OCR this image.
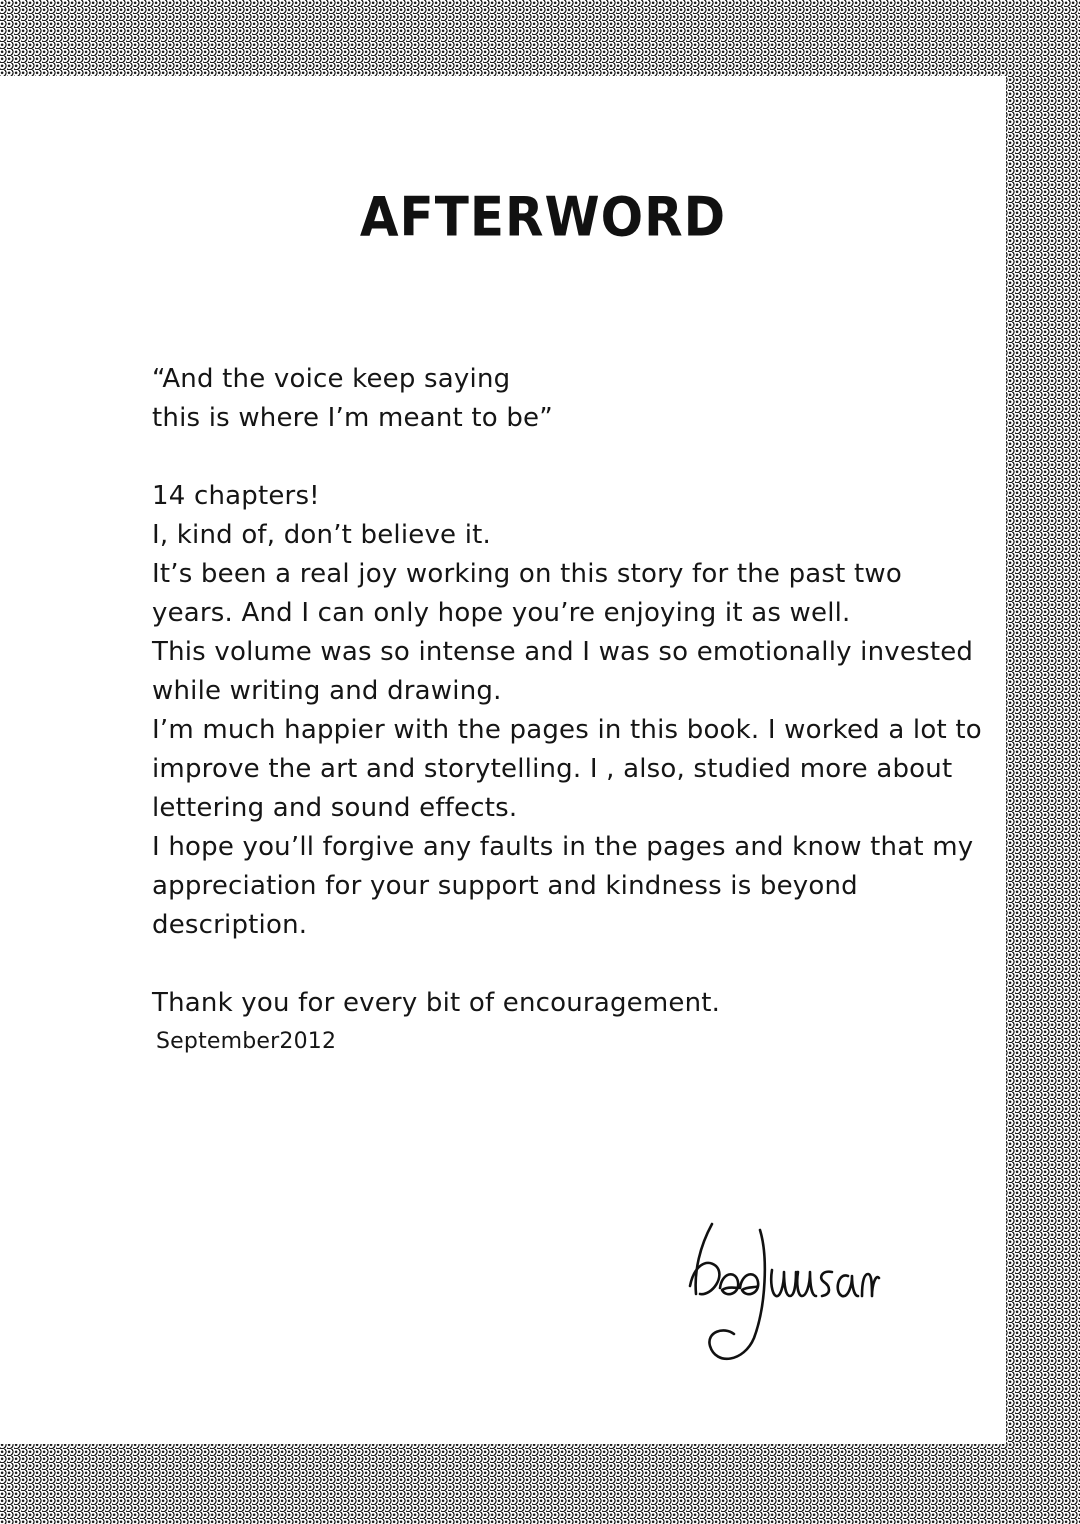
AFTERWORD
“And the voice keep saying
this is where I’m meant to be”
14 chapters!
I, kind of, don’t believe it.
It’s been a real joy working on this story for the past two
years. And I can only hope you’re enjoying it as well.
This volume was so intense and I was so emotionally invested
while writing and drawing.
I’m much happier with the pages in this book. I worked a lot to
improve the art and storytelling. I , also, studied more about
lettering and sound effects.
I hope you’ll forgive any faults in the pages and know that my
appreciation for your support and kindness is beyond
description.
Thank you for every bit of encouragement.
September2012
